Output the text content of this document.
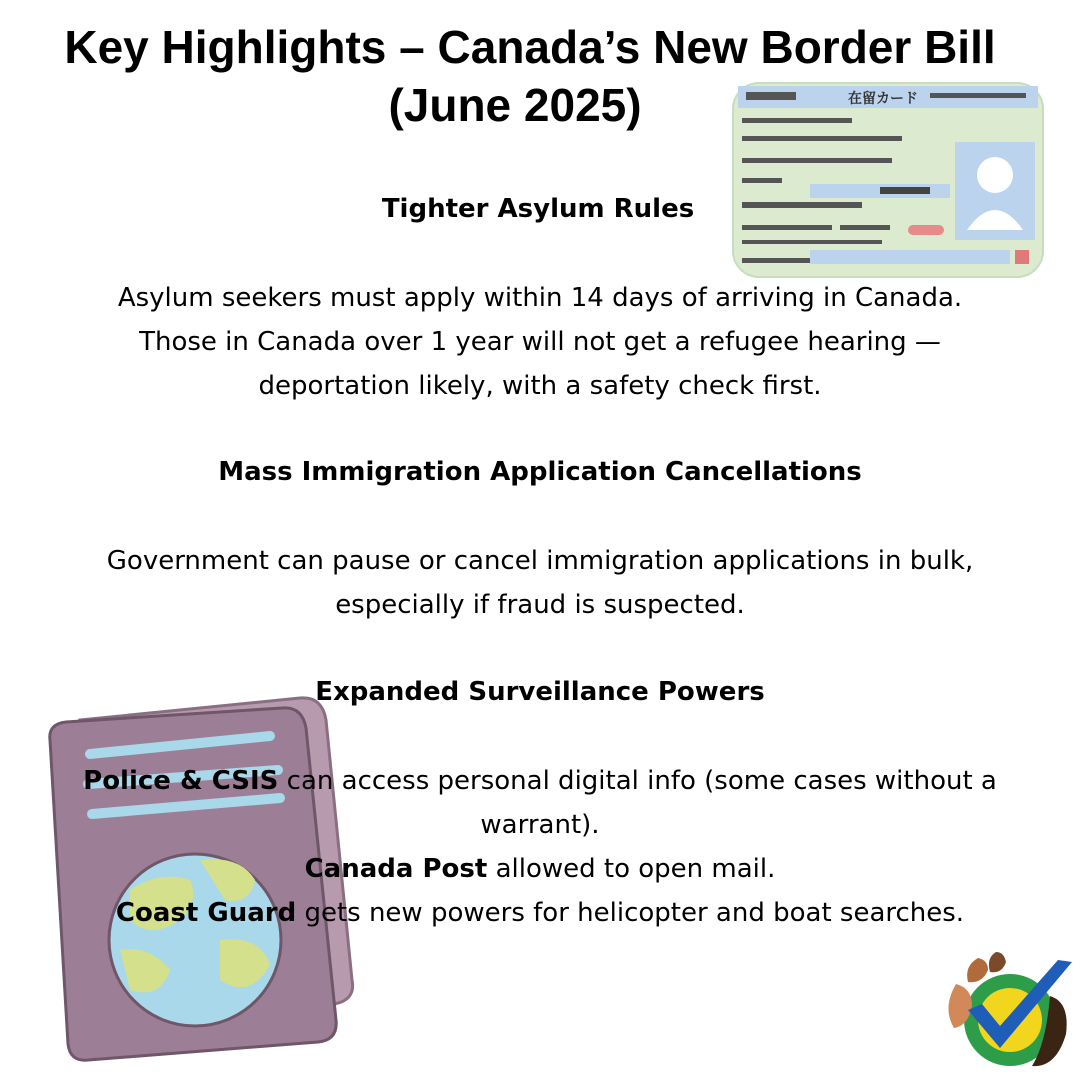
在留カード
Key Highlights – Canada’s New Border Bill
(June 2025)
Tighter Asylum Rules
Asylum seekers must apply within 14 days of arriving in Canada.
Those in Canada over 1 year will not get a refugee hearing —
deportation likely, with a safety check first.
Mass Immigration Application Cancellations
Government can pause or cancel immigration applications in bulk,
especially if fraud is suspected.
Expanded Surveillance Powers
Police & CSIS can access personal digital info (some cases without a
warrant).
Canada Post allowed to open mail.
Coast Guard gets new powers for helicopter and boat searches.
